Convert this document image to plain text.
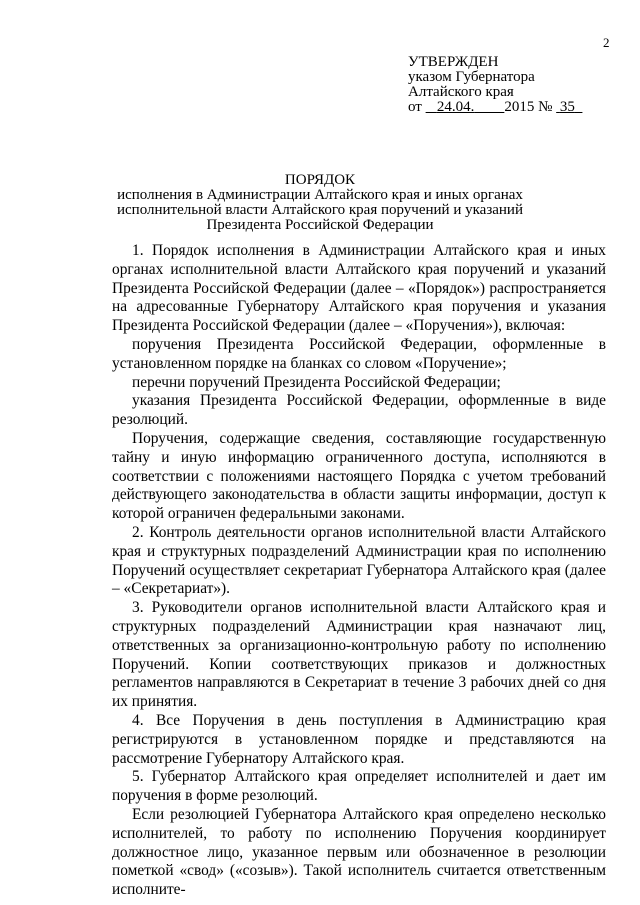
2
УТВЕРЖДЕН
указом Губернатора
Алтайского края
от 24.04. 2015 № 35
ПОРЯДОК
исполнения в Администрации Алтайского края и иных органах исполнительной власти Алтайского края поручений и указаний Президента Российской Федерации

1. Порядок исполнения в Администрации Алтайского края и иных органах исполнительной власти Алтайского края поручений и указаний Президента Российской Федерации (далее – «Порядок») распространяется на адресованные Губернатору Алтайского края поручения и указания Президента Российской Федерации (далее – «Поручения»), включая:

поручения Президента Российской Федерации, оформленные в установленном порядке на бланках со словом «Поручение»;

перечни поручений Президента Российской Федерации;

указания Президента Российской Федерации, оформленные в виде резолюций.

Поручения, содержащие сведения, составляющие государственную тайну и иную информацию ограниченного доступа, исполняются в соответствии с положениями настоящего Порядка с учетом требований действующего законодательства в области защиты информации, доступ к которой ограничен федеральными законами.

2. Контроль деятельности органов исполнительной власти Алтайского края и структурных подразделений Администрации края по исполнению Поручений осуществляет секретариат Губернатора Алтайского края (далее – «Секретариат»).

3. Руководители органов исполнительной власти Алтайского края и структурных подразделений Администрации края назначают лиц, ответственных за организационно-контрольную работу по исполнению Поручений. Копии соответствующих приказов и должностных регламентов направляются в Секретариат в течение 3 рабочих дней со дня их принятия.

4. Все Поручения в день поступления в Администрацию края регистрируются в установленном порядке и представляются на рассмотрение Губернатору Алтайского края.

5. Губернатор Алтайского края определяет исполнителей и дает им поручения в форме резолюций.

Если резолюцией Губернатора Алтайского края определено несколько исполнителей, то работу по исполнению Поручения координирует должностное лицо, указанное первым или обозначенное в резолюции пометкой «свод» («созыв»). Такой исполнитель считается ответственным исполните-
